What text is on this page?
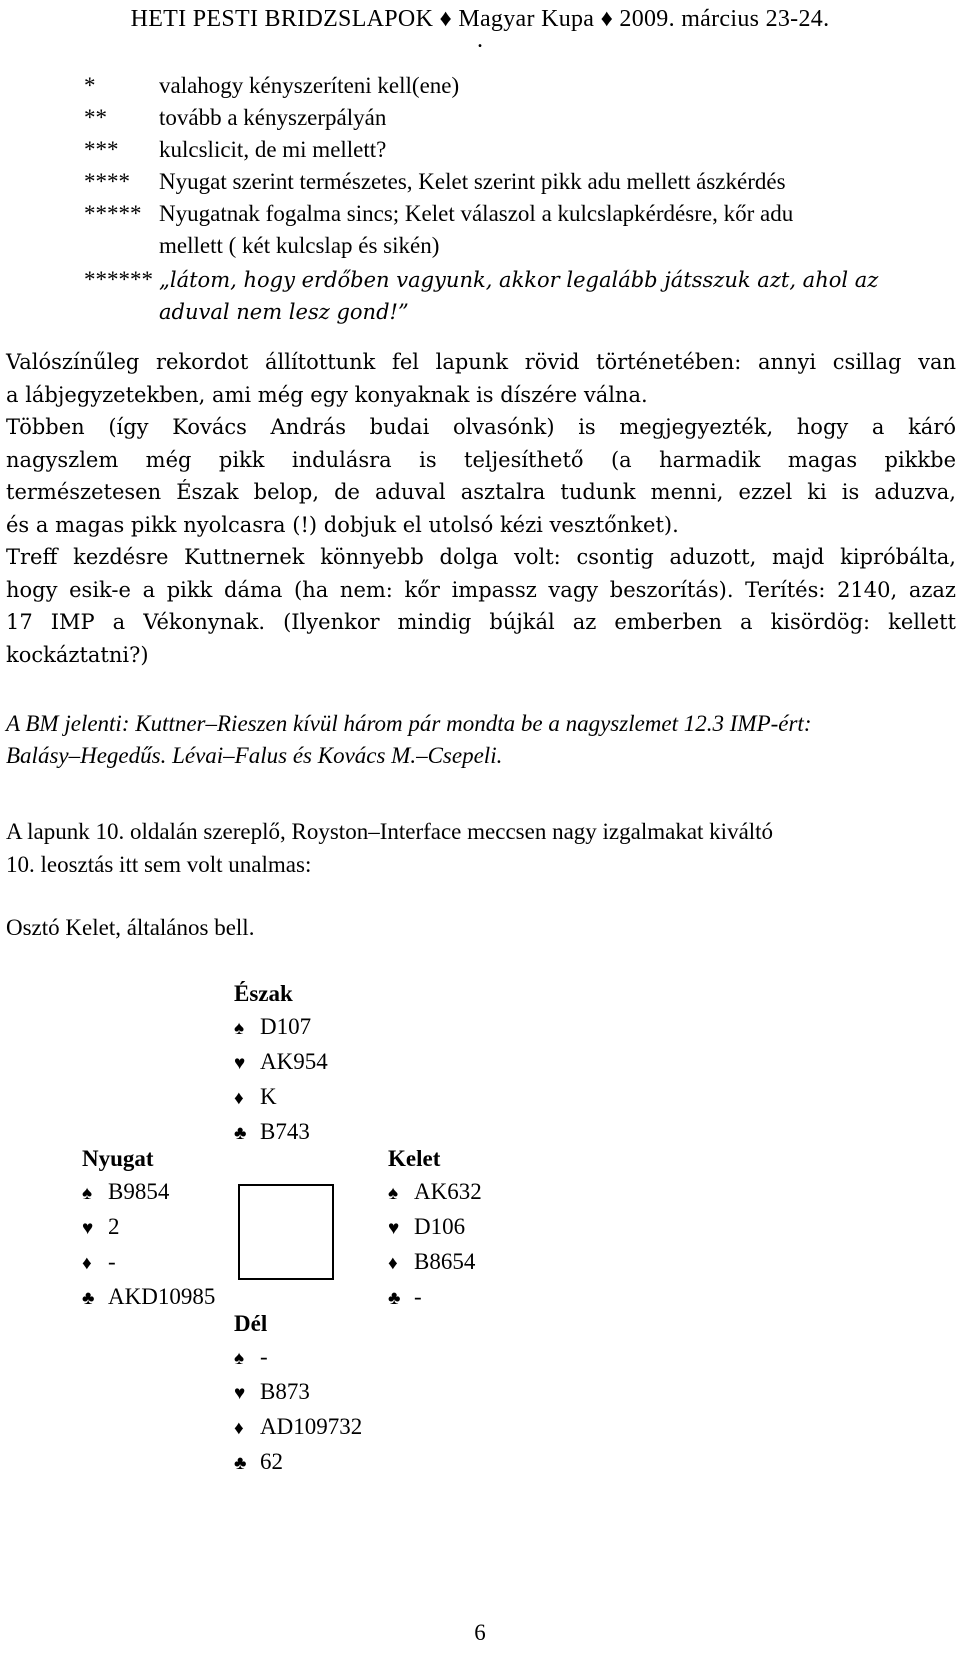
HETI PESTI BRIDZSLAPOK ♦ Magyar Kupa ♦ 2009. március 23-24.
.
*	valahogy kényszeríteni kell(ene)
**	tovább a kényszerpályán
***	kulcslicit, de mi mellett?
****	Nyugat szerint természetes, Kelet szerint pikk adu mellett ászkérdés
***** Nyugatnak fogalma sincs; Kelet válaszol a kulcslapkérdésre, kőr adu
mellett ( két kulcslap és sikén)
****** „látom, hogy erdőben vagyunk, akkor legalább játsszuk azt, ahol az
aduval nem lesz gond!”
Valószínűleg rekordot állítottunk fel lapunk rövid történetében: annyi csillag van
a lábjegyzetekben, ami még egy konyaknak is díszére válna.
Többen (így Kovács András budai olvasónk) is megjegyezték, hogy a káró
nagyszlem még pikk indulásra is teljesíthető (a harmadik magas pikkbe
természetesen Észak belop, de aduval asztalra tudunk menni, ezzel ki is aduzva,
és a magas pikk nyolcasra (!) dobjuk el utolsó kézi vesztőnket).
Treff kezdésre Kuttnernek könnyebb dolga volt: csontig aduzott, majd kipróbálta,
hogy esik-e a pikk dáma (ha nem: kőr impassz vagy beszorítás). Terítés: 2140, azaz
17 IMP a Vékonynak. (Ilyenkor mindig bújkál az emberben a kisördög: kellett
kockáztatni?)
A BM jelenti: Kuttner–Rieszen kívül három pár mondta be a nagyszlemet 12.3 IMP-ért:
Balásy–Hegedűs. Lévai–Falus és Kovács M.–Csepeli.
A lapunk 10. oldalán szereplő, Royston–Interface meccsen nagy izgalmakat kiváltó
10. leosztás itt sem volt unalmas:
Osztó Kelet, általános bell.
Észak
♠ D107
♥ AK954
♦ K
♣ B743
Nyugat
♠ B9854
♥ 2
♦ -
♣ AKD10985
Kelet
♠ AK632
♥ D106
♦ B8654
♣ -
Dél
♠ -
♥ B873
♦ AD109732
♣ 62
6
